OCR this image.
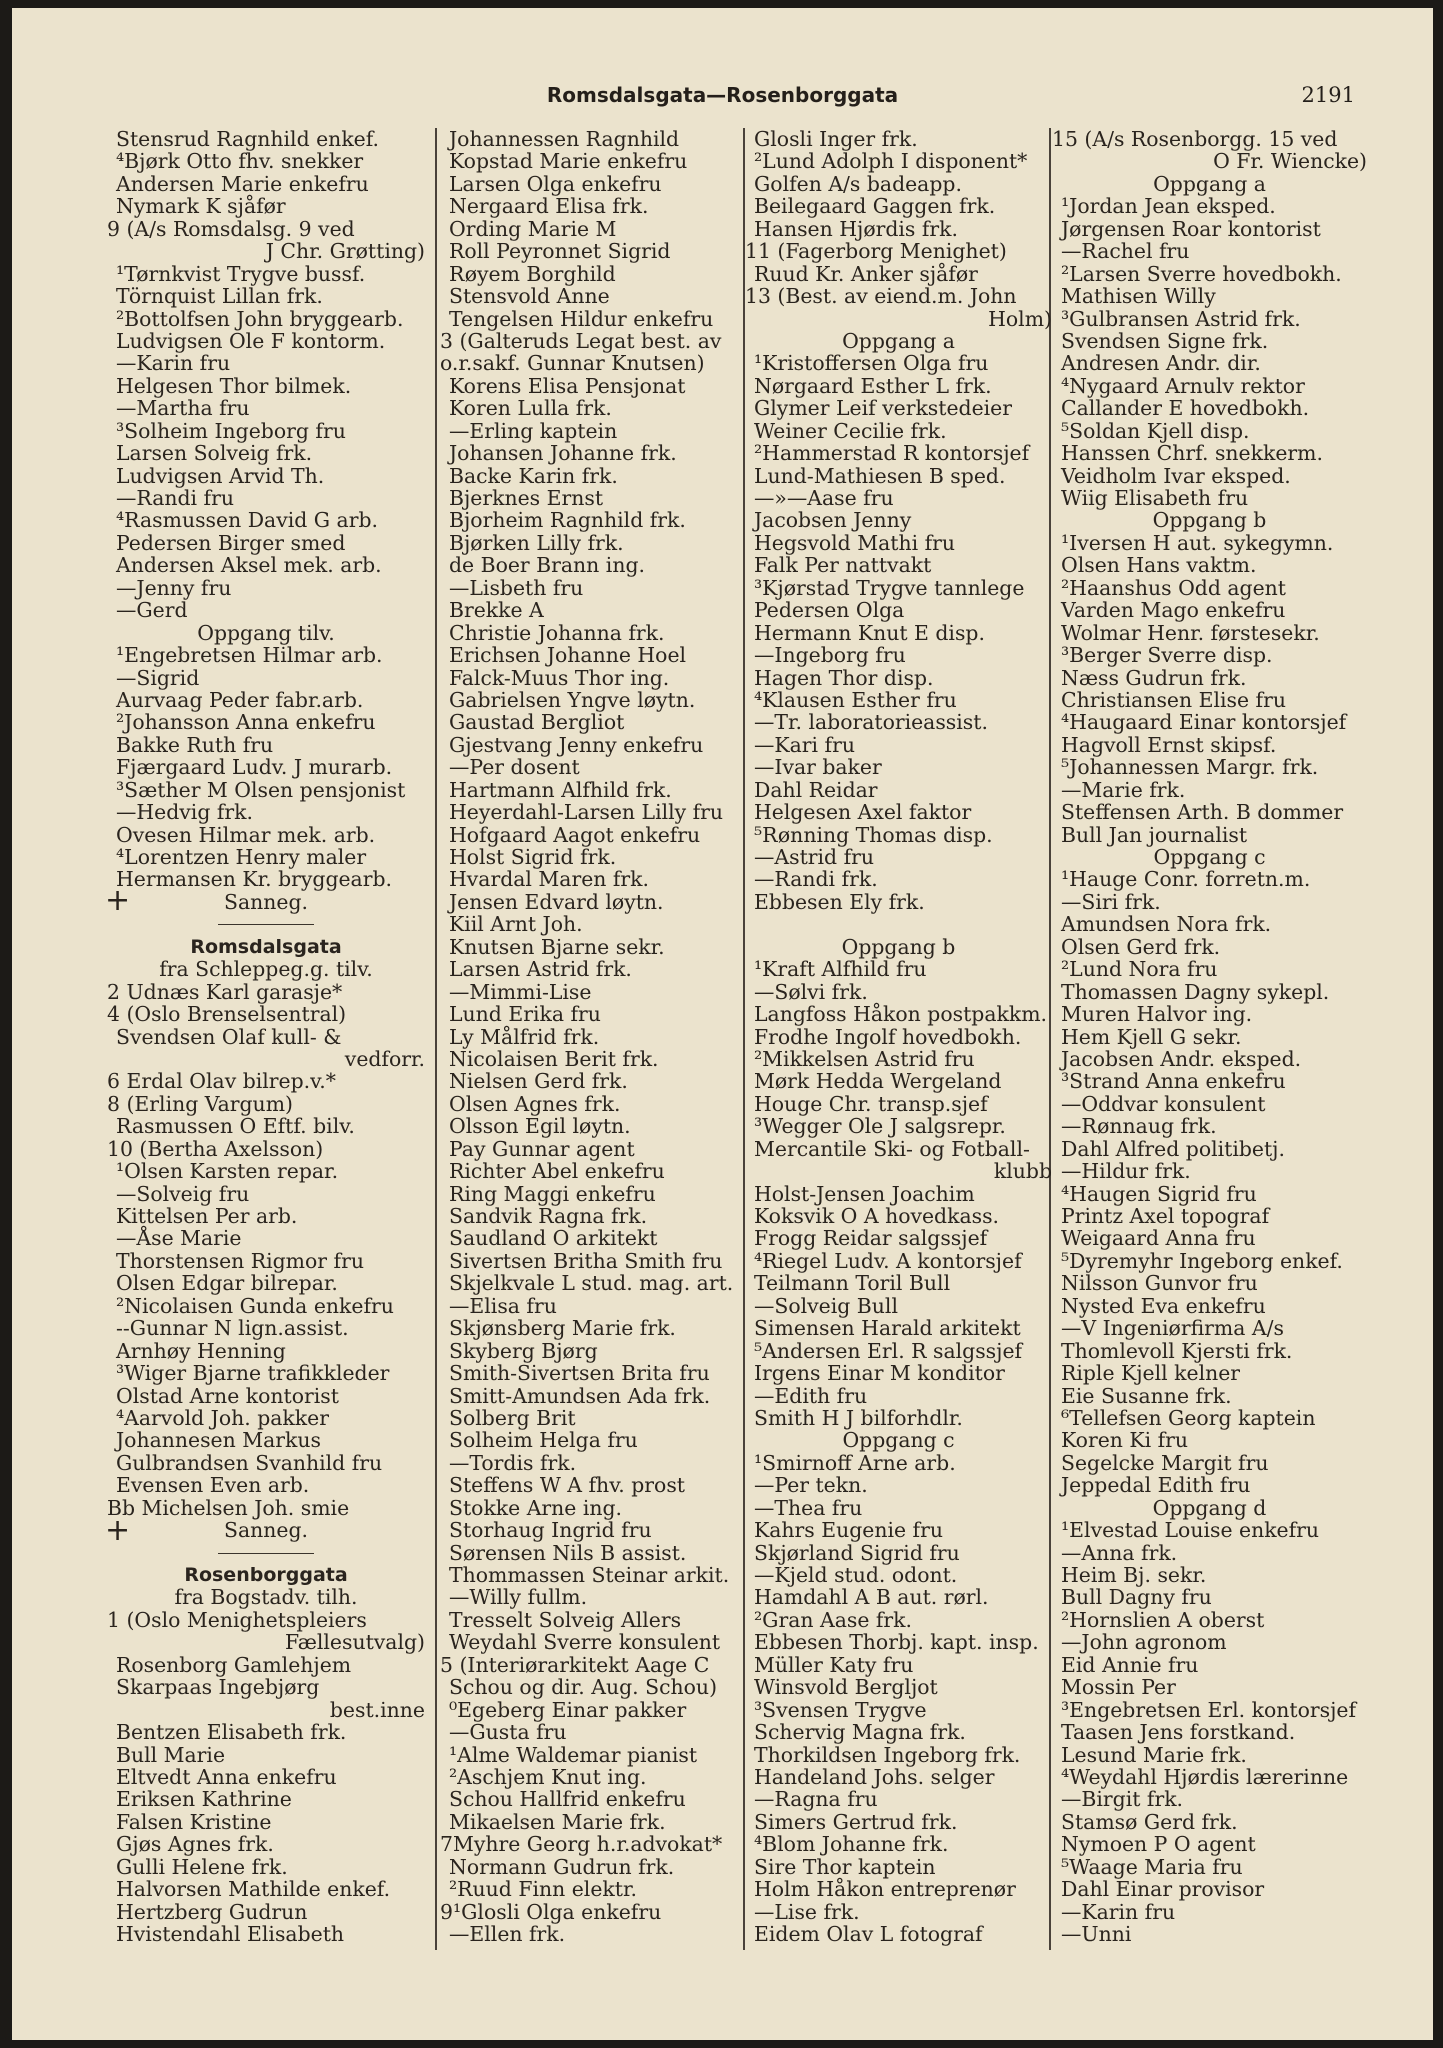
Romsdalsgata—Rosenborggata	2191
Stensrud Ragnhild enkef.
⁴Bjørk Otto fhv. snekker
Andersen Marie enkefru
Nymark K sjåfør
9 (A/s Romsdalsg. 9 ved
J Chr. Grøtting)
¹Tørnkvist Trygve bussf.
Törnquist Lillan frk.
²Bottolfsen John bryggearb.
Ludvigsen Ole F kontorm.
—Karin fru
Helgesen Thor bilmek.
—Martha fru
³Solheim Ingeborg fru
Larsen Solveig frk.
Ludvigsen Arvid Th.
—Randi fru
⁴Rasmussen David G arb.
Pedersen Birger smed
Andersen Aksel mek. arb.
—Jenny fru
—Gerd
Oppgang tilv.
¹Engebretsen Hilmar arb.
—Sigrid
Aurvaag Peder fabr.arb.
²Johansson Anna enkefru
Bakke Ruth fru
Fjærgaard Ludv. J murarb.
³Sæther M Olsen pensjonist
—Hedvig frk.
Ovesen Hilmar mek. arb.
⁴Lorentzen Henry maler
Hermansen Kr. bryggearb.
Sanneg.
Romsdalsgata
fra Schleppeg.g. tilv.
2 Udnæs Karl garasje*
4 (Oslo Brenselsentral)
Svendsen Olaf kull- &
vedforr.
6 Erdal Olav bilrep.v.*
8 (Erling Vargum)
Rasmussen O Eftf. bilv.
10 (Bertha Axelsson)
¹Olsen Karsten repar.
—Solveig fru
Kittelsen Per arb.
—Åse Marie
Thorstensen Rigmor fru
Olsen Edgar bilrepar.
²Nicolaisen Gunda enkefru
--Gunnar N lign.assist.
Arnhøy Henning
³Wiger Bjarne trafikkleder
Olstad Arne kontorist
⁴Aarvold Joh. pakker
Johannesen Markus
Gulbrandsen Svanhild fru
Evensen Even arb.
Bb Michelsen Joh. smie
Sanneg.
Rosenborggata
fra Bogstadv. tilh.
1 (Oslo Menighetspleiers
Fællesutvalg)
Rosenborg Gamlehjem
Skarpaas Ingebjørg
best.inne
Bentzen Elisabeth frk.
Bull Marie
Eltvedt Anna enkefru
Eriksen Kathrine
Falsen Kristine
Gjøs Agnes frk.
Gulli Helene frk.
Halvorsen Mathilde enkef.
Hertzberg Gudrun
Hvistendahl Elisabeth
Johannessen Ragnhild
Kopstad Marie enkefru
Larsen Olga enkefru
Nergaard Elisa frk.
Ording Marie M
Roll Peyronnet Sigrid
Røyem Borghild
Stensvold Anne
Tengelsen Hildur enkefru
3 (Galteruds Legat best. av
o.r.sakf. Gunnar Knutsen)
Korens Elisa Pensjonat
Koren Lulla frk.
—Erling kaptein
Johansen Johanne frk.
Backe Karin frk.
Bjerknes Ernst
Bjorheim Ragnhild frk.
Bjørken Lilly frk.
de Boer Brann ing.
—Lisbeth fru
Brekke A
Christie Johanna frk.
Erichsen Johanne Hoel
Falck-Muus Thor ing.
Gabrielsen Yngve løytn.
Gaustad Bergliot
Gjestvang Jenny enkefru
—Per dosent
Hartmann Alfhild frk.
Heyerdahl-Larsen Lilly fru
Hofgaard Aagot enkefru
Holst Sigrid frk.
Hvardal Maren frk.
Jensen Edvard løytn.
Kiil Arnt Joh.
Knutsen Bjarne sekr.
Larsen Astrid frk.
—Mimmi-Lise
Lund Erika fru
Ly Målfrid frk.
Nicolaisen Berit frk.
Nielsen Gerd frk.
Olsen Agnes frk.
Olsson Egil løytn.
Pay Gunnar agent
Richter Abel enkefru
Ring Maggi enkefru
Sandvik Ragna frk.
Saudland O arkitekt
Sivertsen Britha Smith fru
Skjelkvale L stud. mag. art.
—Elisa fru
Skjønsberg Marie frk.
Skyberg Bjørg
Smith-Sivertsen Brita fru
Smitt-Amundsen Ada frk.
Solberg Brit
Solheim Helga fru
—Tordis frk.
Steffens W A fhv. prost
Stokke Arne ing.
Storhaug Ingrid fru
Sørensen Nils B assist.
Thommassen Steinar arkit.
—Willy fullm.
Tresselt Solveig Allers
Weydahl Sverre konsulent
5 (Interiørarkitekt Aage C
Schou og dir. Aug. Schou)
⁰Egeberg Einar pakker
—Gusta fru
¹Alme Waldemar pianist
²Aschjem Knut ing.
Schou Hallfrid enkefru
Mikaelsen Marie frk.
7Myhre Georg h.r.advokat*
Normann Gudrun frk.
²Ruud Finn elektr.
9¹Glosli Olga enkefru
—Ellen frk.
Glosli Inger frk.
²Lund Adolph I disponent*
Golfen A/s badeapp.
Beilegaard Gaggen frk.
Hansen Hjørdis frk.
11 (Fagerborg Menighet)
Ruud Kr. Anker sjåfør
13 (Best. av eiend.m. John
Holm)
Oppgang a
¹Kristoffersen Olga fru
Nørgaard Esther L frk.
Glymer Leif verkstedeier
Weiner Cecilie frk.
²Hammerstad R kontorsjef
Lund-Mathiesen B sped.
—»—Aase fru
Jacobsen Jenny
Hegsvold Mathi fru
Falk Per nattvakt
³Kjørstad Trygve tannlege
Pedersen Olga
Hermann Knut E disp.
—Ingeborg fru
Hagen Thor disp.
⁴Klausen Esther fru
—Tr. laboratorieassist.
—Kari fru
—Ivar baker
Dahl Reidar
Helgesen Axel faktor
⁵Rønning Thomas disp.
—Astrid fru
—Randi frk.
Ebbesen Ely frk.
Oppgang b
¹Kraft Alfhild fru
—Sølvi frk.
Langfoss Håkon postpakkm.
Frodhe Ingolf hovedbokh.
²Mikkelsen Astrid fru
Mørk Hedda Wergeland
Houge Chr. transp.sjef
³Wegger Ole J salgsrepr.
Mercantile Ski- og Fotball-
klubb
Holst-Jensen Joachim
Koksvik O A hovedkass.
Frogg Reidar salgssjef
⁴Riegel Ludv. A kontorsjef
Teilmann Toril Bull
—Solveig Bull
Simensen Harald arkitekt
⁵Andersen Erl. R salgssjef
Irgens Einar M konditor
—Edith fru
Smith H J bilforhdlr.
Oppgang c
¹Smirnoff Arne arb.
—Per tekn.
—Thea fru
Kahrs Eugenie fru
Skjørland Sigrid fru
—Kjeld stud. odont.
Hamdahl A B aut. rørl.
²Gran Aase frk.
Ebbesen Thorbj. kapt. insp.
Müller Katy fru
Winsvold Bergljot
³Svensen Trygve
Schervig Magna frk.
Thorkildsen Ingeborg frk.
Handeland Johs. selger
—Ragna fru
Simers Gertrud frk.
⁴Blom Johanne frk.
Sire Thor kaptein
Holm Håkon entreprenør
—Lise frk.
Eidem Olav L fotograf
15 (A/s Rosenborgg. 15 ved
O Fr. Wiencke)
Oppgang a
¹Jordan Jean eksped.
Jørgensen Roar kontorist
—Rachel fru
²Larsen Sverre hovedbokh.
Mathisen Willy
³Gulbransen Astrid frk.
Svendsen Signe frk.
Andresen Andr. dir.
⁴Nygaard Arnulv rektor
Callander E hovedbokh.
⁵Soldan Kjell disp.
Hanssen Chrf. snekkerm.
Veidholm Ivar eksped.
Wiig Elisabeth fru
Oppgang b
¹Iversen H aut. sykegymn.
Olsen Hans vaktm.
²Haanshus Odd agent
Varden Mago enkefru
Wolmar Henr. førstesekr.
³Berger Sverre disp.
Næss Gudrun frk.
Christiansen Elise fru
⁴Haugaard Einar kontorsjef
Hagvoll Ernst skipsf.
⁵Johannessen Margr. frk.
—Marie frk.
Steffensen Arth. B dommer
Bull Jan journalist
Oppgang c
¹Hauge Conr. forretn.m.
—Siri frk.
Amundsen Nora frk.
Olsen Gerd frk.
²Lund Nora fru
Thomassen Dagny sykepl.
Muren Halvor ing.
Hem Kjell G sekr.
Jacobsen Andr. eksped.
³Strand Anna enkefru
—Oddvar konsulent
—Rønnaug frk.
Dahl Alfred politibetj.
—Hildur frk.
⁴Haugen Sigrid fru
Printz Axel topograf
Weigaard Anna fru
⁵Dyremyhr Ingeborg enkef.
Nilsson Gunvor fru
Nysted Eva enkefru
—V Ingeniørfirma A/s
Thomlevoll Kjersti frk.
Riple Kjell kelner
Eie Susanne frk.
⁶Tellefsen Georg kaptein
Koren Ki fru
Segelcke Margit fru
Jeppedal Edith fru
Oppgang d
¹Elvestad Louise enkefru
—Anna frk.
Heim Bj. sekr.
Bull Dagny fru
²Hornslien A oberst
—John agronom
Eid Annie fru
Mossin Per
³Engebretsen Erl. kontorsjef
Taasen Jens forstkand.
Lesund Marie frk.
⁴Weydahl Hjørdis lærerinne
—Birgit frk.
Stamsø Gerd frk.
Nymoen P O agent
⁵Waage Maria fru
Dahl Einar provisor
—Karin fru
—Unni
+
+
